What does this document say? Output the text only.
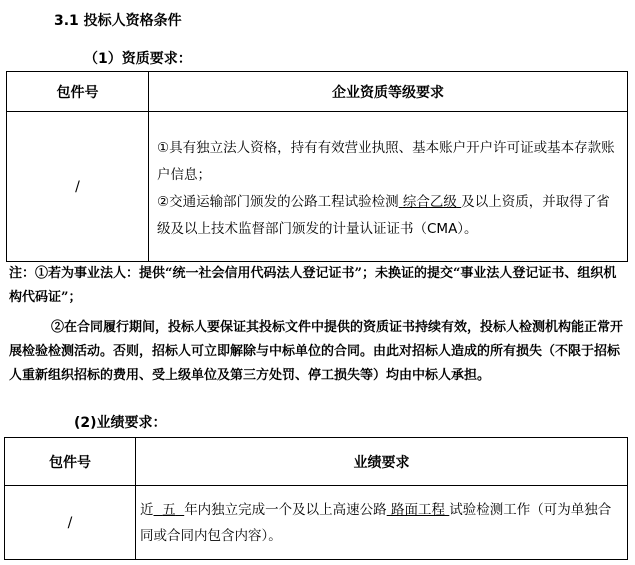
3.1 投标人资格条件
（1）资质要求：
包件号	企业资质等级要求
/	①具有独立法人资格，持有有效营业执照、基本账户开户许可证或基本存款账户信息；
②交通运输部门颁发的公路工程试验检测 综合乙级 及以上资质，并取得了省级及以上技术监督部门颁发的计量认证证书（CMA）。
注：①若为事业法人：提供“统一社会信用代码法人登记证书”；未换证的提交“事业法人登记证书、组织机构代码证”；
②在合同履行期间，投标人要保证其投标文件中提供的资质证书持续有效，投标人检测机构能正常开展检验检测活动。否则，招标人可立即解除与中标单位的合同。由此对招标人造成的所有损失（不限于招标人重新组织招标的费用、受上级单位及第三方处罚、停工损失等）均由中标人承担。
(2)业绩要求：
包件号	业绩要求
/	近 五 年内独立完成一个及以上高速公路 路面工程 试验检测工作（可为单独合同或合同内包含内容）。
